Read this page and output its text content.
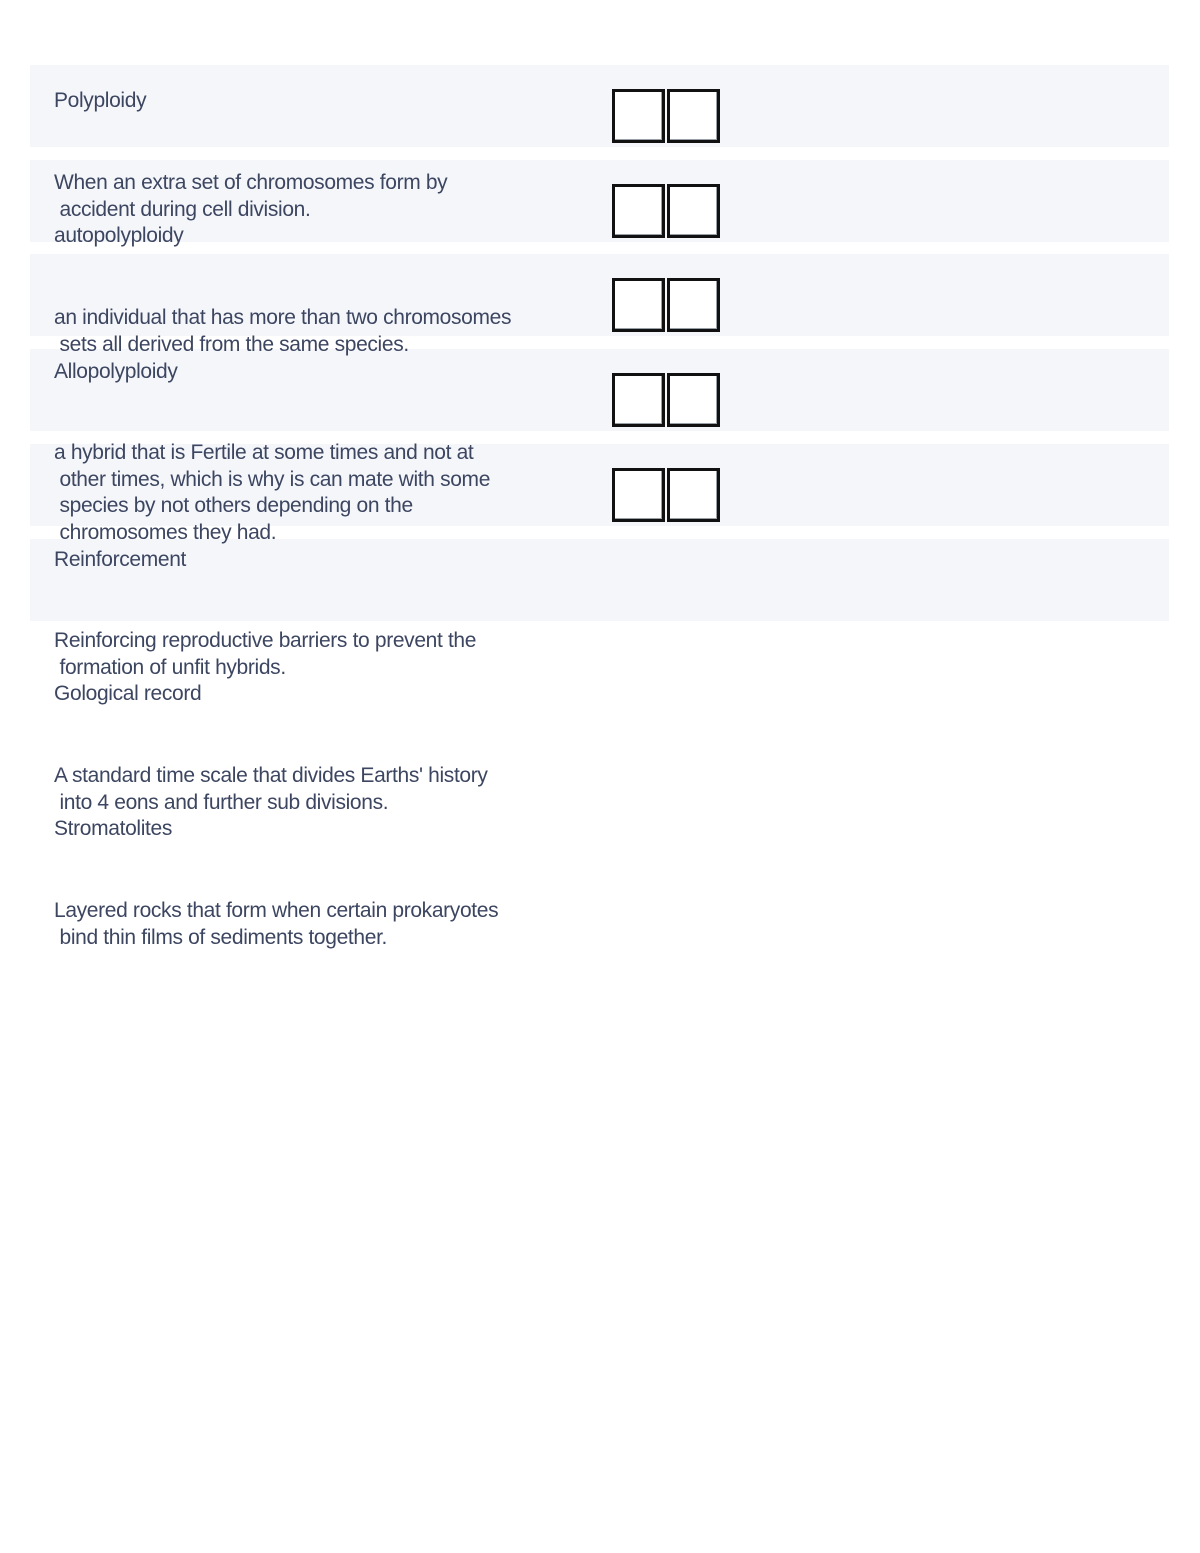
Polyploidy
When an extra set of chromosomes form by
accident during cell division.
autopolyploidy
an individual that has more than two chromosomes
sets all derived from the same species.
Allopolyploidy
a hybrid that is Fertile at some times and not at
other times, which is why is can mate with some
species by not others depending on the
chromosomes they had.
Reinforcement
Reinforcing reproductive barriers to prevent the
formation of unfit hybrids.
Gological record
A standard time scale that divides Earths' history
into 4 eons and further sub divisions.
Stromatolites
Layered rocks that form when certain prokaryotes
bind thin films of sediments together.
